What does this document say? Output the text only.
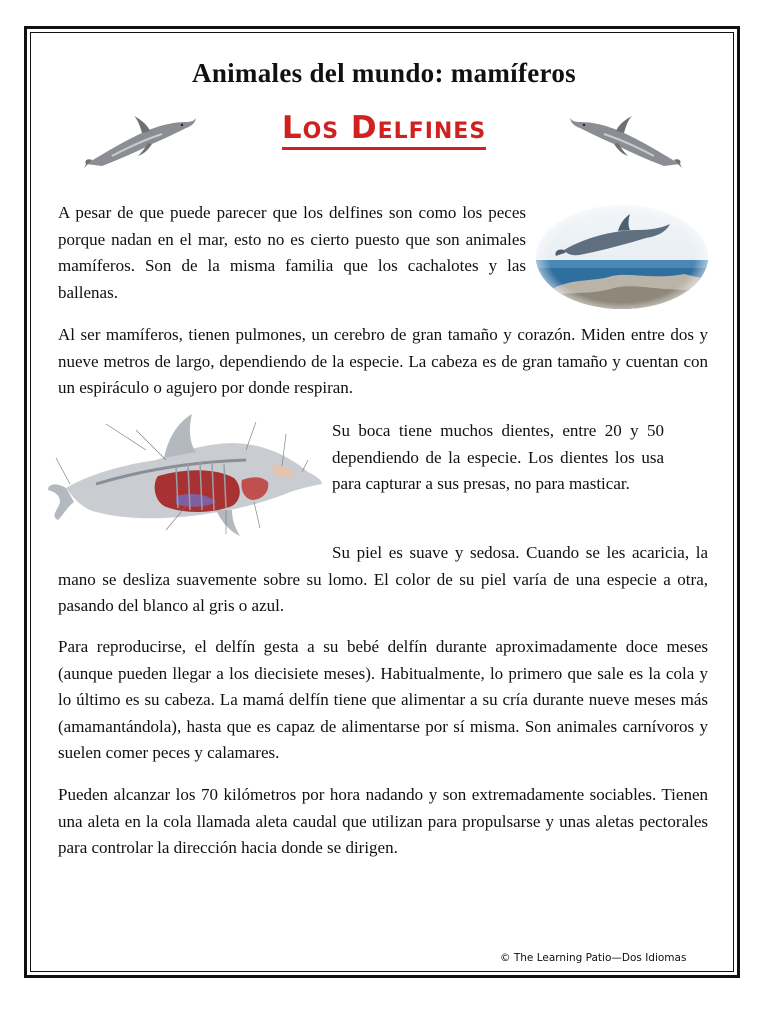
Animales del mundo: mamíferos
Los Delfines

A pesar de que puede parecer que los delfines son como los peces porque nadan en el mar, esto no es cierto puesto que son animales mamíferos. Son de la misma familia que los cachalotes y las ballenas.

Al ser mamíferos, tienen pulmones, un cerebro de gran tamaño y corazón. Miden entre dos y nueve metros de largo, dependiendo de la especie. La cabeza es de gran tamaño y cuentan con un espiráculo o agujero por donde respiran.

Su boca tiene muchos dientes, entre 20 y 50 dependiendo de la especie. Los dientes los usa para capturar a sus presas, no para masticar.

Su piel es suave y sedosa. Cuando se les acaricia, la mano se desliza suavemente sobre su lomo. El color de su piel varía de una especie a otra, pasando del blanco al gris o azul.

Para reproducirse, el delfín gesta a su bebé delfín durante aproximadamente doce meses (aunque pueden llegar a los diecisiete meses). Habitualmente, lo primero que sale es la cola y lo último es su cabeza. La mamá delfín tiene que alimentar a su cría durante nueve meses más (amamantándola), hasta que es capaz de alimentarse por sí misma. Son animales carnívoros y suelen comer peces y calamares.

Pueden alcanzar los 70 kilómetros por hora nadando y son extremadamente sociables. Tienen una aleta en la cola llamada aleta caudal que utilizan para propulsarse y unas aletas pectorales para controlar la dirección hacia donde se dirigen.

© The Learning Patio—Dos Idiomas
